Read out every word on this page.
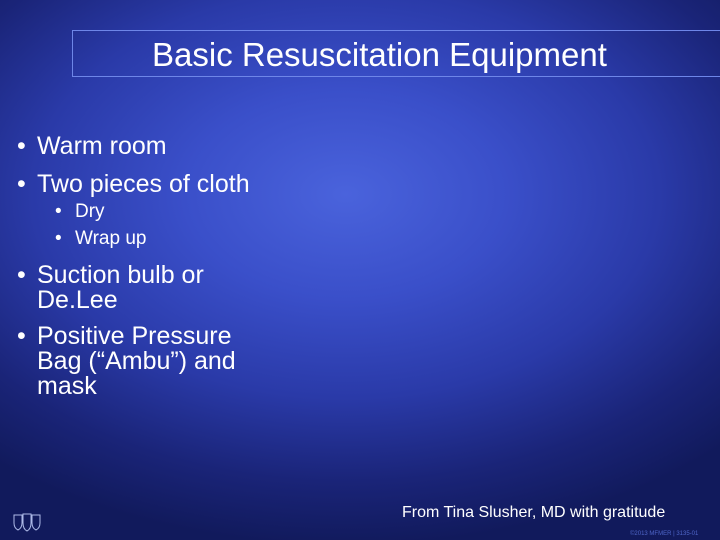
Basic Resuscitation Equipment
• Warm room
• Two pieces of cloth
• Dry
• Wrap up
• Suction bulb or
De.Lee
• Positive Pressure
Bag (“Ambu”) and
mask
From Tina Slusher, MD with gratitude
©2013 MFMER | 3135-01
